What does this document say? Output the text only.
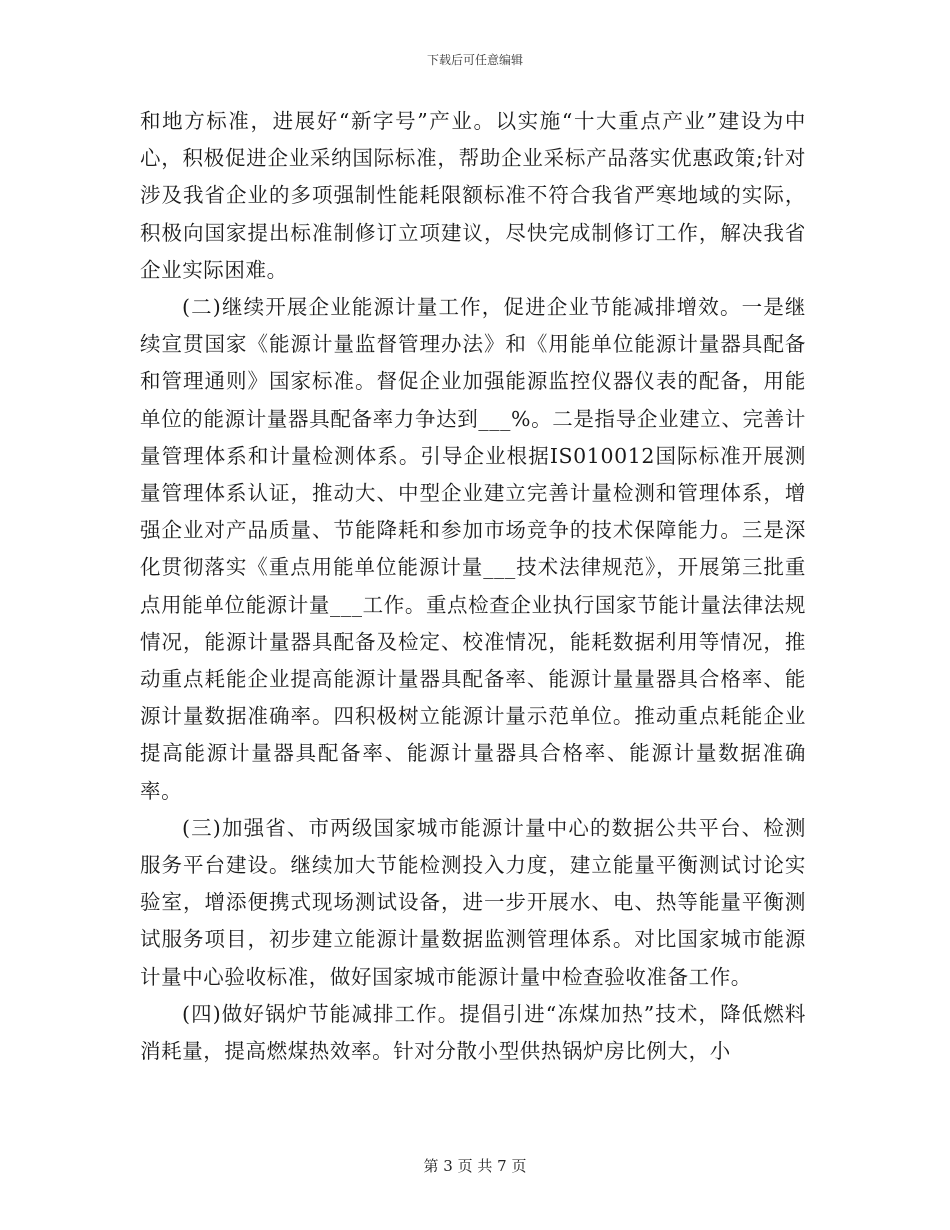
下载后可任意编辑

和地方标准，进展好“新字号”产业。以实施“十大重点产业”建设为中心，积极促进企业采纳国际标准，帮助企业采标产品落实优惠政策;针对涉及我省企业的多项强制性能耗限额标准不符合我省严寒地域的实际，积极向国家提出标准制修订立项建议，尽快完成制修订工作，解决我省企业实际困难。

(二)继续开展企业能源计量工作，促进企业节能减排增效。一是继续宣贯国家《能源计量监督管理办法》和《用能单位能源计量器具配备和管理通则》国家标准。督促企业加强能源监控仪器仪表的配备，用能单位的能源计量器具配备率力争达到___%。二是指导企业建立、完善计量管理体系和计量检测体系。引导企业根据IS010012国际标准开展测量管理体系认证，推动大、中型企业建立完善计量检测和管理体系，增强企业对产品质量、节能降耗和参加市场竞争的技术保障能力。三是深化贯彻落实《重点用能单位能源计量___技术法律规范》，开展第三批重点用能单位能源计量___工作。重点检查企业执行国家节能计量法律法规情况，能源计量器具配备及检定、校准情况，能耗数据利用等情况，推动重点耗能企业提高能源计量器具配备率、能源计量量器具合格率、能源计量数据准确率。四积极树立能源计量示范单位。推动重点耗能企业提高能源计量器具配备率、能源计量器具合格率、能源计量数据准确率。

(三)加强省、市两级国家城市能源计量中心的数据公共平台、检测服务平台建设。继续加大节能检测投入力度，建立能量平衡测试讨论实验室，增添便携式现场测试设备，进一步开展水、电、热等能量平衡测试服务项目，初步建立能源计量数据监测管理体系。对比国家城市能源计量中心验收标准，做好国家城市能源计量中检查验收准备工作。

(四)做好锅炉节能减排工作。提倡引进“冻煤加热”技术，降低燃料消耗量，提高燃煤热效率。针对分散小型供热锅炉房比例大，小

第 3 页 共 7 页
